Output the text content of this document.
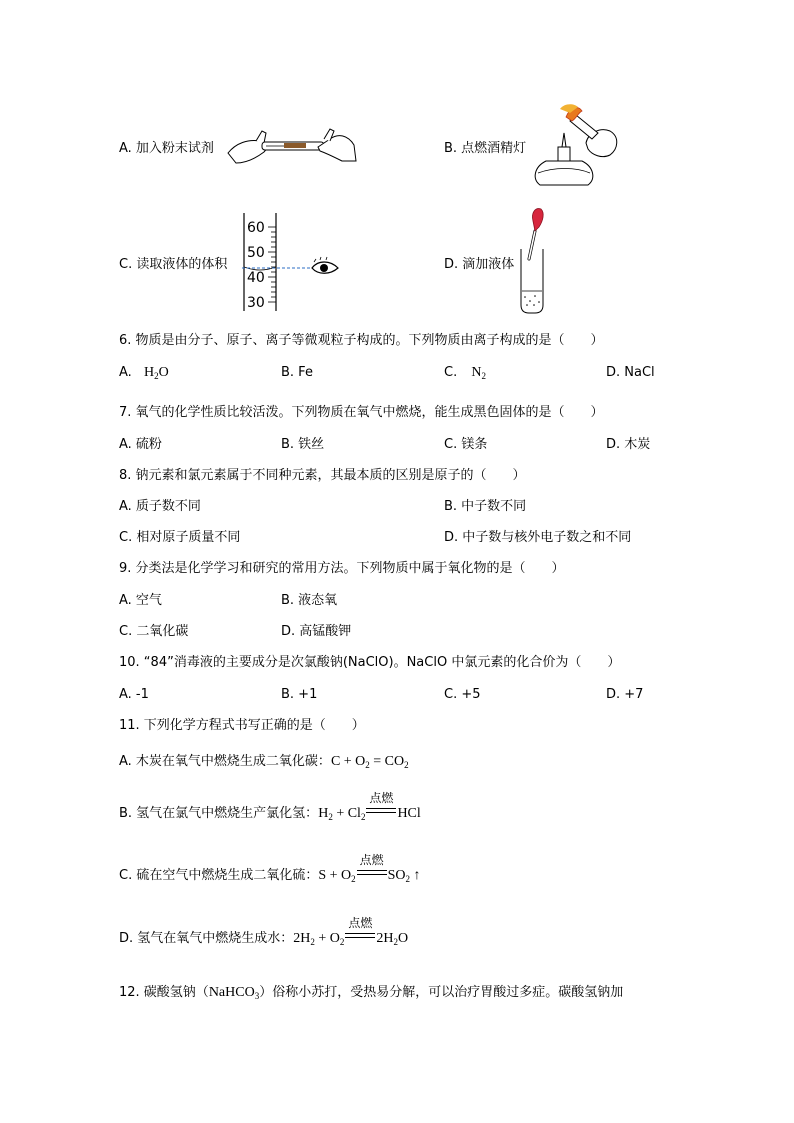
A. 加入粉末试剂	B. 点燃酒精灯
C. 读取液体的体积
60
50
40
30
D. 滴加液体
6. 物质是由分子、原子、离子等微观粒子构成的。下列物质由离子构成的是（　　）
A. $H_2O$	B. Fe	C. $N_2$	D. NaCl
7. 氧气的化学性质比较活泼。下列物质在氧气中燃烧，能生成黑色固体的是（　　）
A. 硫粉	B. 铁丝	C. 镁条	D. 木炭
8. 钠元素和氯元素属于不同种元素，其最本质的区别是原子的（　　）
A. 质子数不同	B. 中子数不同
C. 相对原子质量不同	D. 中子数与核外电子数之和不同
9. 分类法是化学学习和研究的常用方法。下列物质中属于氧化物的是（　　）
A. 空气	B. 液态氧
C. 二氧化碳	D. 高锰酸钾
10. “84”消毒液的主要成分是次氯酸钠(NaClO)。NaClO 中氯元素的化合价为（　　）
A. -1	B. +1	C. +5	D. +7
11. 下列化学方程式书写正确的是（　　）
A. 木炭在氧气中燃烧生成二氧化碳：$C + O_2 = CO_2$
B. 氢气在氯气中燃烧生产氯化氢：$H_2 + Cl_2$
点燃
HCl
C. 硫在空气中燃烧生成二氧化硫：$S + O_2$
点燃
$SO_2$ ↑
D. 氢气在氧气中燃烧生成水：$2H_2 + O_2$
点燃
$2H_2O$
12. 碳酸氢钠（NaHCO$_3$）俗称小苏打，受热易分解，可以治疗胃酸过多症。碳酸氢钠加
